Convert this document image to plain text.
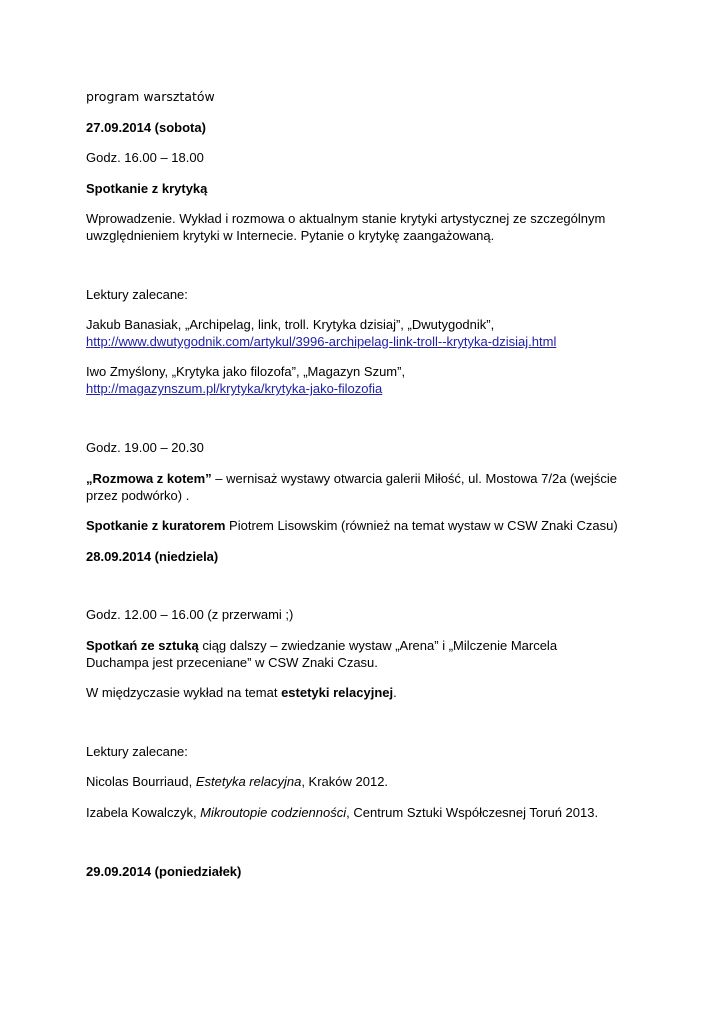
program warsztatów
27.09.2014 (sobota)
Godz. 16.00 – 18.00
Spotkanie z krytyką
Wprowadzenie. Wykład i rozmowa o aktualnym stanie krytyki artystycznej ze szczególnym
uwzględnieniem krytyki w Internecie. Pytanie o krytykę zaangażowaną.
Lektury zalecane:
Jakub Banasiak, „Archipelag, link, troll. Krytyka dzisiaj”, „Dwutygodnik”,
http://www.dwutygodnik.com/artykul/3996-archipelag-link-troll--krytyka-dzisiaj.html
Iwo Zmyślony, „Krytyka jako filozofa”, „Magazyn Szum”,
http://magazynszum.pl/krytyka/krytyka-jako-filozofia
Godz. 19.00 – 20.30
„Rozmowa z kotem” – wernisaż wystawy otwarcia galerii Miłość, ul. Mostowa 7/2a (wejście
przez podwórko) .
Spotkanie z kuratorem Piotrem Lisowskim (również na temat wystaw w CSW Znaki Czasu)
28.09.2014 (niedziela)
Godz. 12.00 – 16.00 (z przerwami ;)
Spotkań ze sztuką ciąg dalszy – zwiedzanie wystaw „Arena” i „Milczenie Marcela
Duchampa jest przeceniane” w CSW Znaki Czasu.
W międzyczasie wykład na temat estetyki relacyjnej.
Lektury zalecane:
Nicolas Bourriaud, Estetyka relacyjna, Kraków 2012.
Izabela Kowalczyk, Mikroutopie codzienności, Centrum Sztuki Współczesnej Toruń 2013.
29.09.2014 (poniedziałek)
